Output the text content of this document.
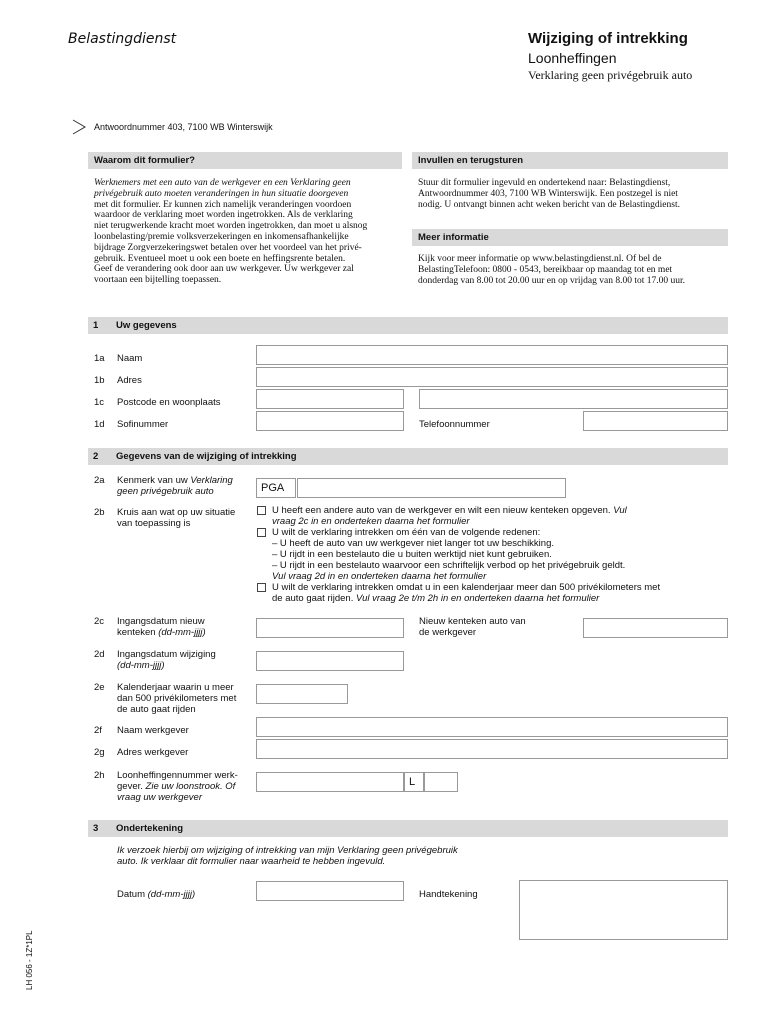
Belastingdienst	Wijziging of intrekking
Loonheffingen
Verklaring geen privégebruik auto
Antwoordnummer 403, 7100 WB Winterswijk
Waarom dit formulier?	Invullen en terugsturen
Werknemers met een auto van de werkgever en een Verklaring geen
privégebruik auto moeten veranderingen in hun situatie doorgeven
met dit formulier. Er kunnen zich namelijk veranderingen voordoen
waardoor de verklaring moet worden ingetrokken. Als de verklaring
niet terugwerkende kracht moet worden ingetrokken, dan moet u alsnog
loonbelasting/premie volksverzekeringen en inkomensafhankelijke
bijdrage Zorgverzekeringswet betalen over het voordeel van het privé-
gebruik. Eventueel moet u ook een boete en heffingsrente betalen.
Geef de verandering ook door aan uw werkgever. Uw werkgever zal
voortaan een bijtelling toepassen.
Stuur dit formulier ingevuld en ondertekend naar: Belastingdienst,
Antwoordnummer 403, 7100 WB Winterswijk. Een postzegel is niet
nodig. U ontvangt binnen acht weken bericht van de Belastingdienst.
Meer informatie
Kijk voor meer informatie op www.belastingdienst.nl. Of bel de
BelastingTelefoon: 0800 - 0543, bereikbaar op maandag tot en met
donderdag van 8.00 tot 20.00 uur en op vrijdag van 8.00 tot 17.00 uur.
1 Uw gegevens
1a Naam
1b Adres
1c Postcode en woonplaats
1d Sofinummer	Telefoonnummer
2 Gegevens van de wijziging of intrekking
2a Kenmerk van uw Verklaring
geen privégebruik auto	PGA
2b Kruis aan wat op uw situatie
van toepassing is
U heeft een andere auto van de werkgever en wilt een nieuw kenteken opgeven. Vul
vraag 2c in en onderteken daarna het formulier
U wilt de verklaring intrekken om één van de volgende redenen:
– U heeft de auto van uw werkgever niet langer tot uw beschikking.
– U rijdt in een bestelauto die u buiten werktijd niet kunt gebruiken.
– U rijdt in een bestelauto waarvoor een schriftelijk verbod op het privégebruik geldt.
Vul vraag 2d in en onderteken daarna het formulier
U wilt de verklaring intrekken omdat u in een kalenderjaar meer dan 500 privékilometers met
de auto gaat rijden. Vul vraag 2e t/m 2h in en onderteken daarna het formulier
2c Ingangsdatum nieuw
kenteken (dd-mm-jjjj)
Nieuw kenteken auto van
de werkgever
2d Ingangsdatum wijziging
(dd-mm-jjjj)
2e Kalenderjaar waarin u meer
dan 500 privékilometers met
de auto gaat rijden
2f Naam werkgever
2g Adres werkgever
2h Loonheffingennummer werk-
gever. Zie uw loonstrook. Of
vraag uw werkgever
L
3 Ondertekening
Ik verzoek hierbij om wijziging of intrekking van mijn Verklaring geen privégebruik
auto. Ik verklaar dit formulier naar waarheid te hebben ingevuld.
Datum (dd-mm-jjjj)	Handtekening
LH 056 - 1Z*1PL
